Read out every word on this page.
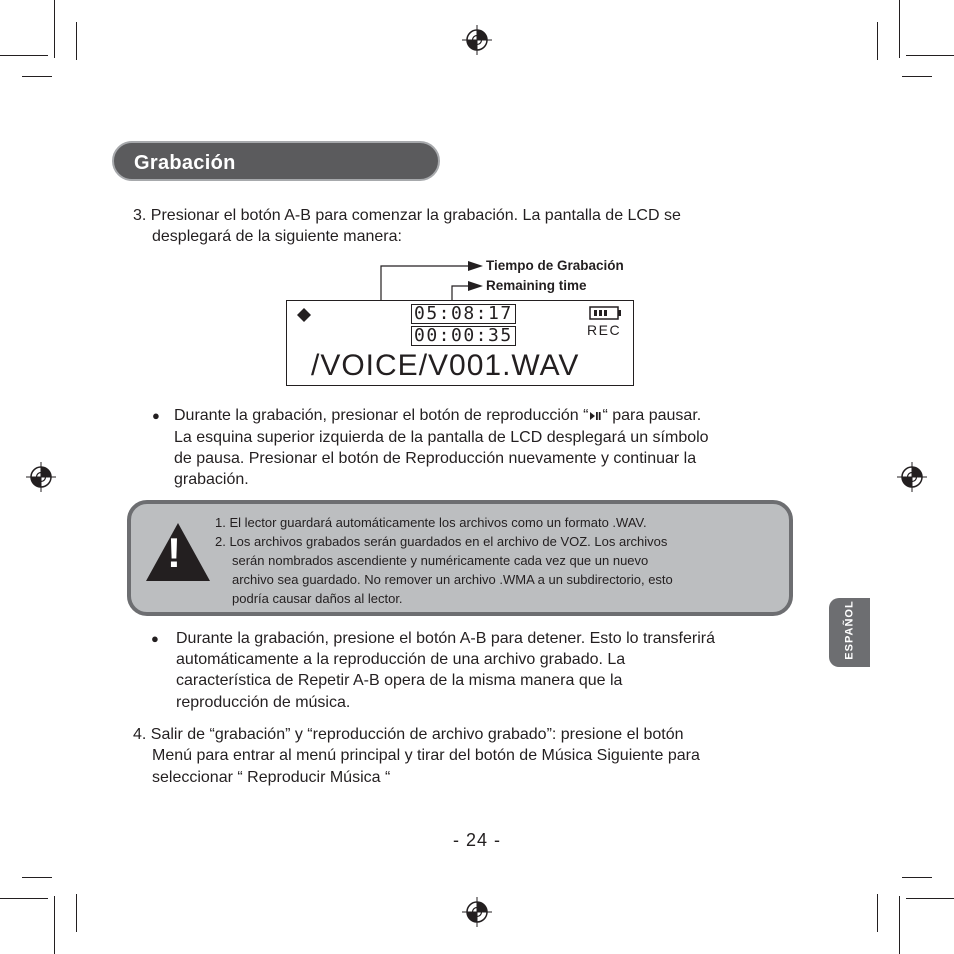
Grabación
3. Presionar el botón A-B para comenzar la grabación. La pantalla de LCD se
desplegará de la siguiente manera:
Tiempo de Grabación
Remaining time
05:08:17
00:00:35	REC
/VOICE/V001.WAV
● Durante la grabación, presionar el botón de reproducción “ “ para pausar.
La esquina superior izquierda de la pantalla de LCD desplegará un símbolo
de pausa. Presionar el botón de Reproducción nuevamente y continuar la
grabación.
!
1. El lector guardará automáticamente los archivos como un formato .WAV.
2. Los archivos grabados serán guardados en el archivo de VOZ. Los archivos
serán nombrados ascendiente y numéricamente cada vez que un nuevo
archivo sea guardado. No remover un archivo .WMA a un subdirectorio, esto
podría causar daños al lector.
● Durante la grabación, presione el botón A-B para detener. Esto lo transferirá
automáticamente a la reproducción de una archivo grabado. La
característica de Repetir A-B opera de la misma manera que la
reproducción de música.
4. Salir de “grabación” y “reproducción de archivo grabado”: presione el botón
Menú para entrar al menú principal y tirar del botón de Música Siguiente para
seleccionar “ Reproducir Música “
ESPAÑOL
- 24 -
